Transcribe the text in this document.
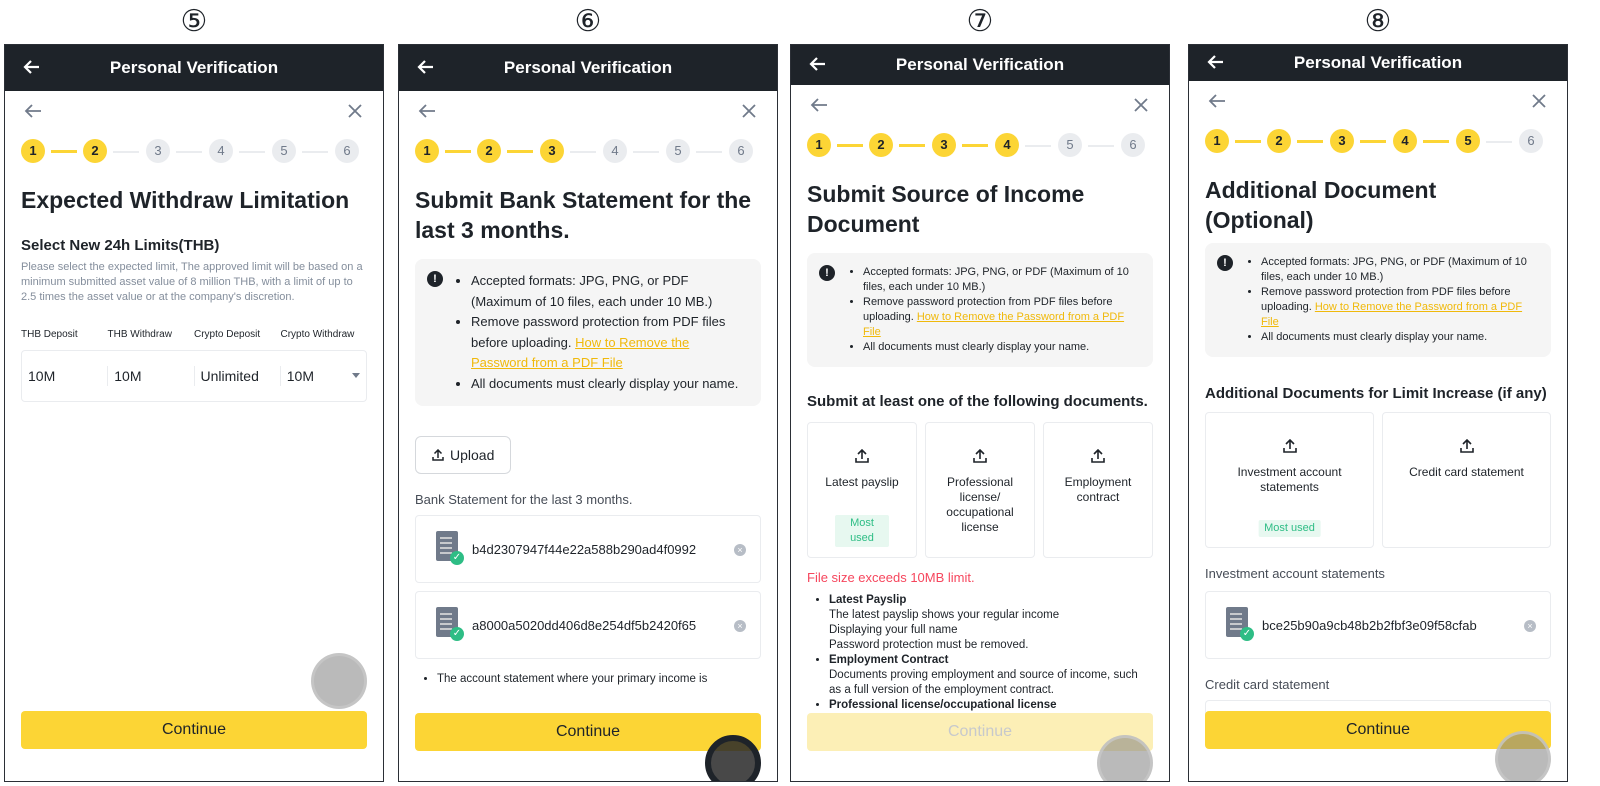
⑤	⑥	⑦	⑧
Personal Verification
1	2	3	4	5	6
Expected Withdraw Limitation
Select New 24h Limits(THB)
Please select the expected limit, The approved limit will be based on a minimum submitted asset value of 8 million THB, with a limit of up to 2.5 times the asset value or at the company's discretion.
THB Deposit	THB Withdraw	Crypto Deposit	Crypto Withdraw
10M	10M	Unlimited	10M
Continue
Personal Verification
1	2	3	4	5	6
Submit Bank Statement for the last 3 months.
!	• Accepted formats: JPG, PNG, or PDF (Maximum of 10 files, each under 10 MB.)
• Remove password protection from PDF files before uploading. How to Remove the Password from a PDF File
• All documents must clearly display your name.
Upload
Bank Statement for the last 3 months.
✓
b4d2307947f44e22a588b290ad4f0992	×
✓
a8000a5020dd406d8e254df5b2420f65	×
• The account statement where your primary income is
Continue
Personal Verification
1	2	3	4	5	6
Submit Source of Income Document
!	• Accepted formats: JPG, PNG, or PDF (Maximum of 10 files, each under 10 MB.)
• Remove password protection from PDF files before uploading. How to Remove the Password from a PDF File
• All documents must clearly display your name.
Submit at least one of the following documents.
Latest payslip
Most used
Professional license/ occupational license
Employment contract
File size exceeds 10MB limit.
• Latest Payslip
The latest payslip shows your regular income
Displaying your full name
Password protection must be removed.
• Employment Contract
Documents proving employment and source of income, such as a full version of the employment contract.
• Professional license/occupational license
Continue
Personal Verification
1	2	3	4	5	6
Additional Document (Optional)
!	• Accepted formats: JPG, PNG, or PDF (Maximum of 10 files, each under 10 MB.)
• Remove password protection from PDF files before uploading. How to Remove the Password from a PDF File
• All documents must clearly display your name.
Additional Documents for Limit Increase (if any)
Investment account statements
Most used
Credit card statement
Investment account statements
✓
bce25b90a9cb48b2b2fbf3e09f58cfab	×
Credit card statement
Continue
